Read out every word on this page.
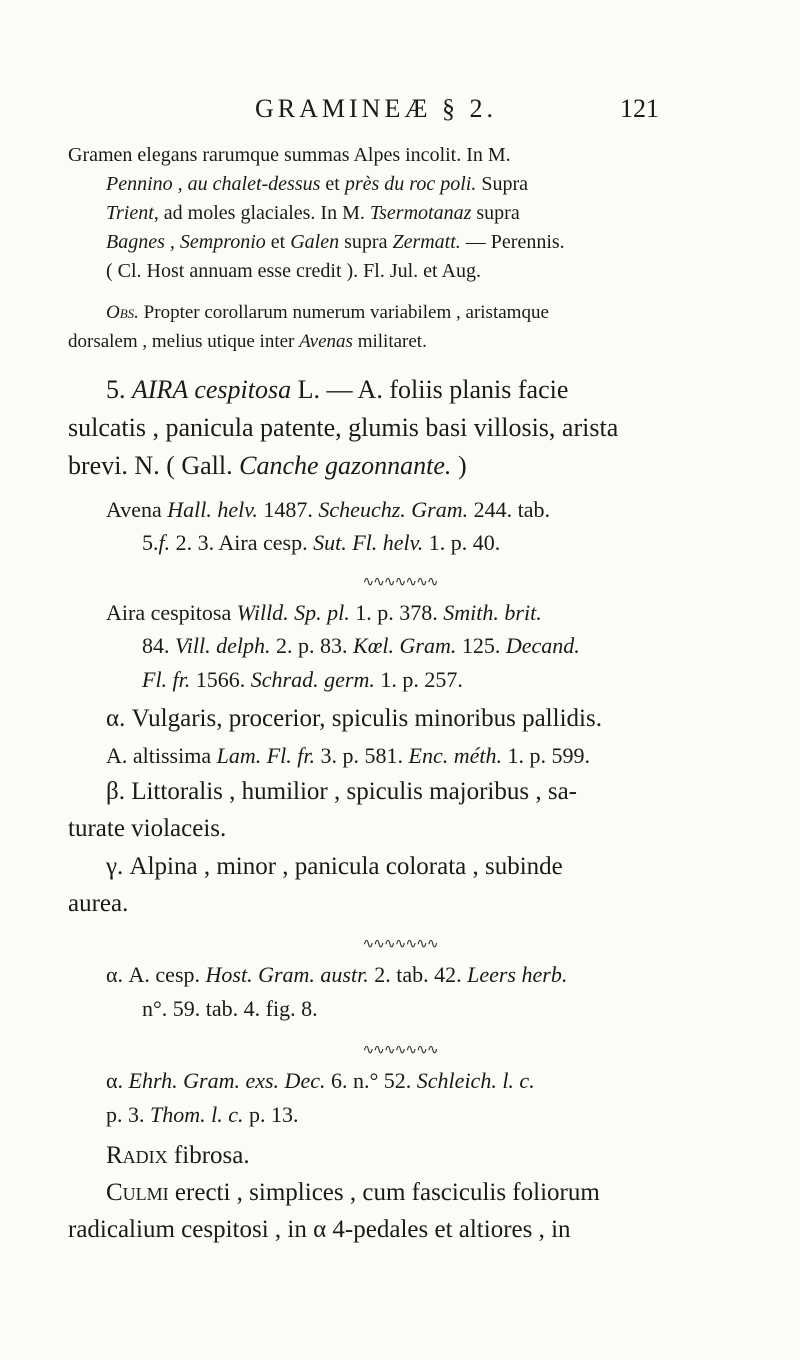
GRAMINEÆ § 2.	121
Gramen elegans rarumque summas Alpes incolit. In M.
Pennino , au chalet-dessus et près du roc poli. Supra
Trient, ad moles glaciales. In M. Tsermotanaz supra
Bagnes , Sempronio et Galen supra Zermatt. — Perennis.
( Cl. Host annuam esse credit ). Fl. Jul. et Aug.
Obs. Propter corollarum numerum variabilem , aristamque
dorsalem , melius utique inter Avenas militaret.
5. AIRA cespitosa L. — A. foliis planis facie
sulcatis , panicula patente, glumis basi villosis, arista
brevi. N. ( Gall. Canche gazonnante. )
Avena Hall. helv. 1487. Scheuchz. Gram. 244. tab.
5.f. 2. 3. Aira cesp. Sut. Fl. helv. 1. p. 40.
∿∿∿∿∿∿∿
Aira cespitosa Willd. Sp. pl. 1. p. 378. Smith. brit.
84. Vill. delph. 2. p. 83. Kœl. Gram. 125. Decand.
Fl. fr. 1566. Schrad. germ. 1. p. 257.
α. Vulgaris, procerior, spiculis minoribus pallidis.
A. altissima Lam. Fl. fr. 3. p. 581. Enc. méth. 1. p. 599.
β. Littoralis , humilior , spiculis majoribus , sa-
turate violaceis.
γ. Alpina , minor , panicula colorata , subinde
aurea.
∿∿∿∿∿∿∿
α. A. cesp. Host. Gram. austr. 2. tab. 42. Leers herb.
n°. 59. tab. 4. fig. 8.
∿∿∿∿∿∿∿
α. Ehrh. Gram. exs. Dec. 6. n.° 52. Schleich. l. c.
p. 3. Thom. l. c. p. 13.
Radix fibrosa.
Culmi erecti , simplices , cum fasciculis foliorum
radicalium cespitosi , in α 4-pedales et altiores , in
